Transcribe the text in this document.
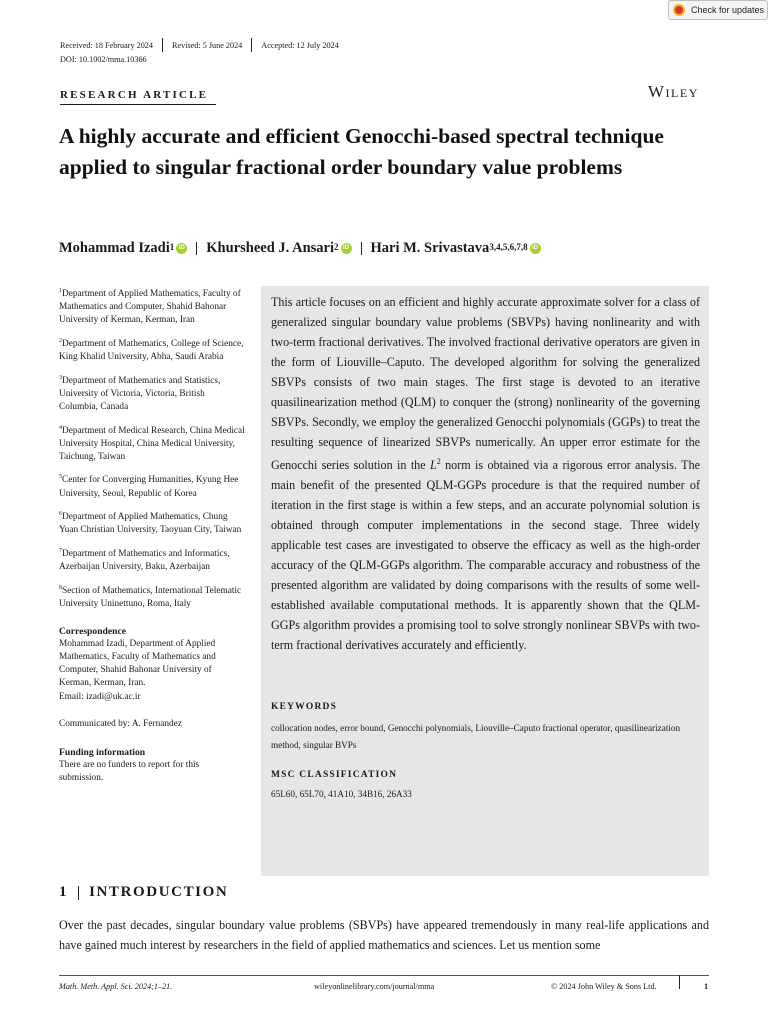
Check for updates
Received: 18 February 2024 Revised: 5 June 2024 Accepted: 12 July 2024
DOI: 10.1002/mma.10366
RESEARCH ARTICLE	Wiley
A highly accurate and efficient Genocchi-based spectral technique applied to singular fractional order boundary value problems
Mohammad Izadi$^1$ iD Khursheed J. Ansari$^2$ iD Hari M. Srivastava$^{3,4,5,6,7,8}$ iD

$^1$Department of Applied Mathematics, Faculty of Mathematics and Computer, Shahid Bahonar University of Kerman, Kerman, Iran

$^2$Department of Mathematics, College of Science, King Khalid University, Abha, Saudi Arabia

$^3$Department of Mathematics and Statistics, University of Victoria, Victoria, British Columbia, Canada

$^4$Department of Medical Research, China Medical University Hospital, China Medical University, Taichung, Taiwan

$^5$Center for Converging Humanities, Kyung Hee University, Seoul, Republic of Korea

$^6$Department of Applied Mathematics, Chung Yuan Christian University, Taoyuan City, Taiwan

$^7$Department of Mathematics and Informatics, Azerbaijan University, Baku, Azerbaijan

$^8$Section of Mathematics, International Telematic University Uninettuno, Roma, Italy

Correspondence

Mohammad Izadi, Department of Applied Mathematics, Faculty of Mathematics and Computer, Shahid Bahonar University of Kerman, Kerman, Iran.

Email: izadi@uk.ac.ir

Communicated by: A. Fernandez

Funding information

There are no funders to report for this submission.

This article focuses on an efficient and highly accurate approximate solver for a class of generalized singular boundary value problems (SBVPs) having nonlinearity and with two-term fractional derivatives. The involved fractional derivative operators are given in the form of Liouville–Caputo. The developed algorithm for solving the generalized SBVPs consists of two main stages. The first stage is devoted to an iterative quasilinearization method (QLM) to conquer the (strong) nonlinearity of the governing SBVPs. Secondly, we employ the generalized Genocchi polynomials (GGPs) to treat the resulting sequence of linearized SBVPs numerically. An upper error estimate for the Genocchi series solution in the $L^2$ norm is obtained via a rigorous error analysis. The main benefit of the presented QLM-GGPs procedure is that the required number of iteration in the first stage is within a few steps, and an accurate polynomial solution is obtained through computer implementations in the second stage. Three widely applicable test cases are investigated to observe the efficacy as well as the high-order accuracy of the QLM-GGPs algorithm. The comparable accuracy and robustness of the presented algorithm are validated by doing comparisons with the results of some well-established available computational methods. It is apparently shown that the QLM-GGPs algorithm provides a promising tool to solve strongly nonlinear SBVPs with two-term fractional derivatives accurately and efficiently.

KEYWORDS

collocation nodes, error bound, Genocchi polynomials, Liouville–Caputo fractional operator, quasilinearization method, singular BVPs

MSC CLASSIFICATION
65L60, 65L70, 41A10, 34B16, 26A33
1 INTRODUCTION

Over the past decades, singular boundary value problems (SBVPs) have appeared tremendously in many real-life applications and have gained much interest by researchers in the field of applied mathematics and sciences. Let us mention some

Math. Meth. Appl. Sci. 2024;1–21.	wileyonlinelibrary.com/journal/mma	© 2024 John Wiley & Sons Ltd.	1
